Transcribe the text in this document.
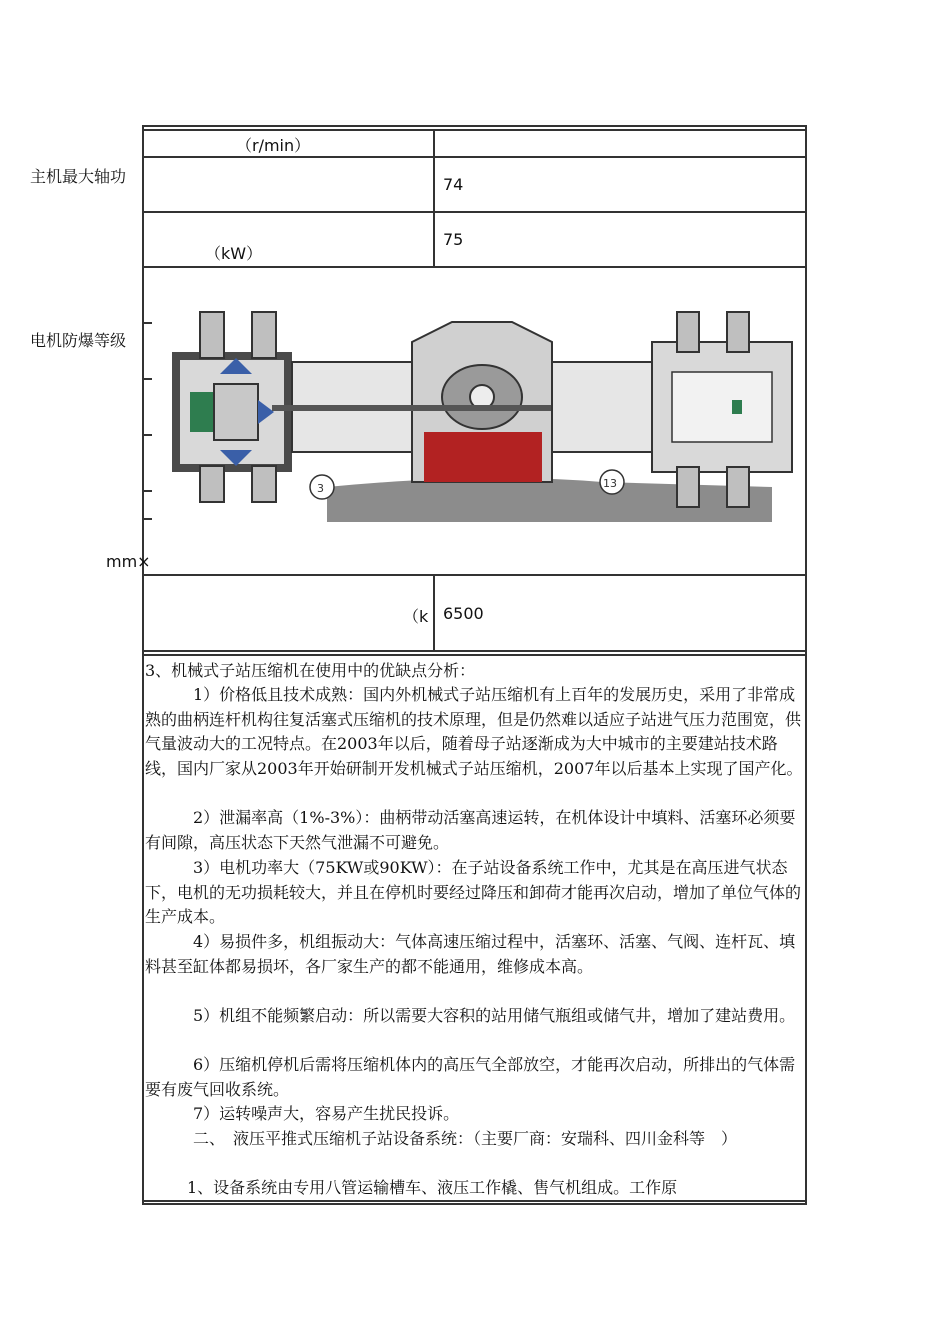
（r/min）
74
（kW）
75
（k 6500
主机最大轴功
电机防爆等级
mm×
3	13
3、机械式子站压缩机在使用中的优缺点分析：
1）价格低且技术成熟：国内外机械式子站压缩机有上百年的发展历史，采用了非常成熟的曲柄连杆机构往复活塞式压缩机的技术原理，但是仍然难以适应子站进气压力范围宽，供气量波动大的工况特点。在2003年以后，随着母子站逐渐成为大中城市的主要建站技术路线，国内厂家从2003年开始研制开发机械式子站压缩机，2007年以后基本上实现了国产化。
2）泄漏率高（1%-3%）：曲柄带动活塞高速运转，在机体设计中填料、活塞环必须要有间隙，高压状态下天然气泄漏不可避免。
3）电机功率大（75KW或90KW）：在子站设备系统工作中，尤其是在高压进气状态下，电机的无功损耗较大，并且在停机时要经过降压和卸荷才能再次启动，增加了单位气体的生产成本。
4）易损件多，机组振动大：气体高速压缩过程中，活塞环、活塞、气阀、连杆瓦、填料甚至缸体都易损坏，各厂家生产的都不能通用，维修成本高。
5）机组不能频繁启动：所以需要大容积的站用储气瓶组或储气井，增加了建站费用。
6）压缩机停机后需将压缩机体内的高压气全部放空，才能再次启动，所排出的气体需要有废气回收系统。
7）运转噪声大，容易产生扰民投诉。
二、　液压平推式压缩机子站设备系统：（主要厂商：安瑞科、四川金科等　）
1、设备系统由专用八管运输槽车、液压工作橇、售气机组成。工作原
